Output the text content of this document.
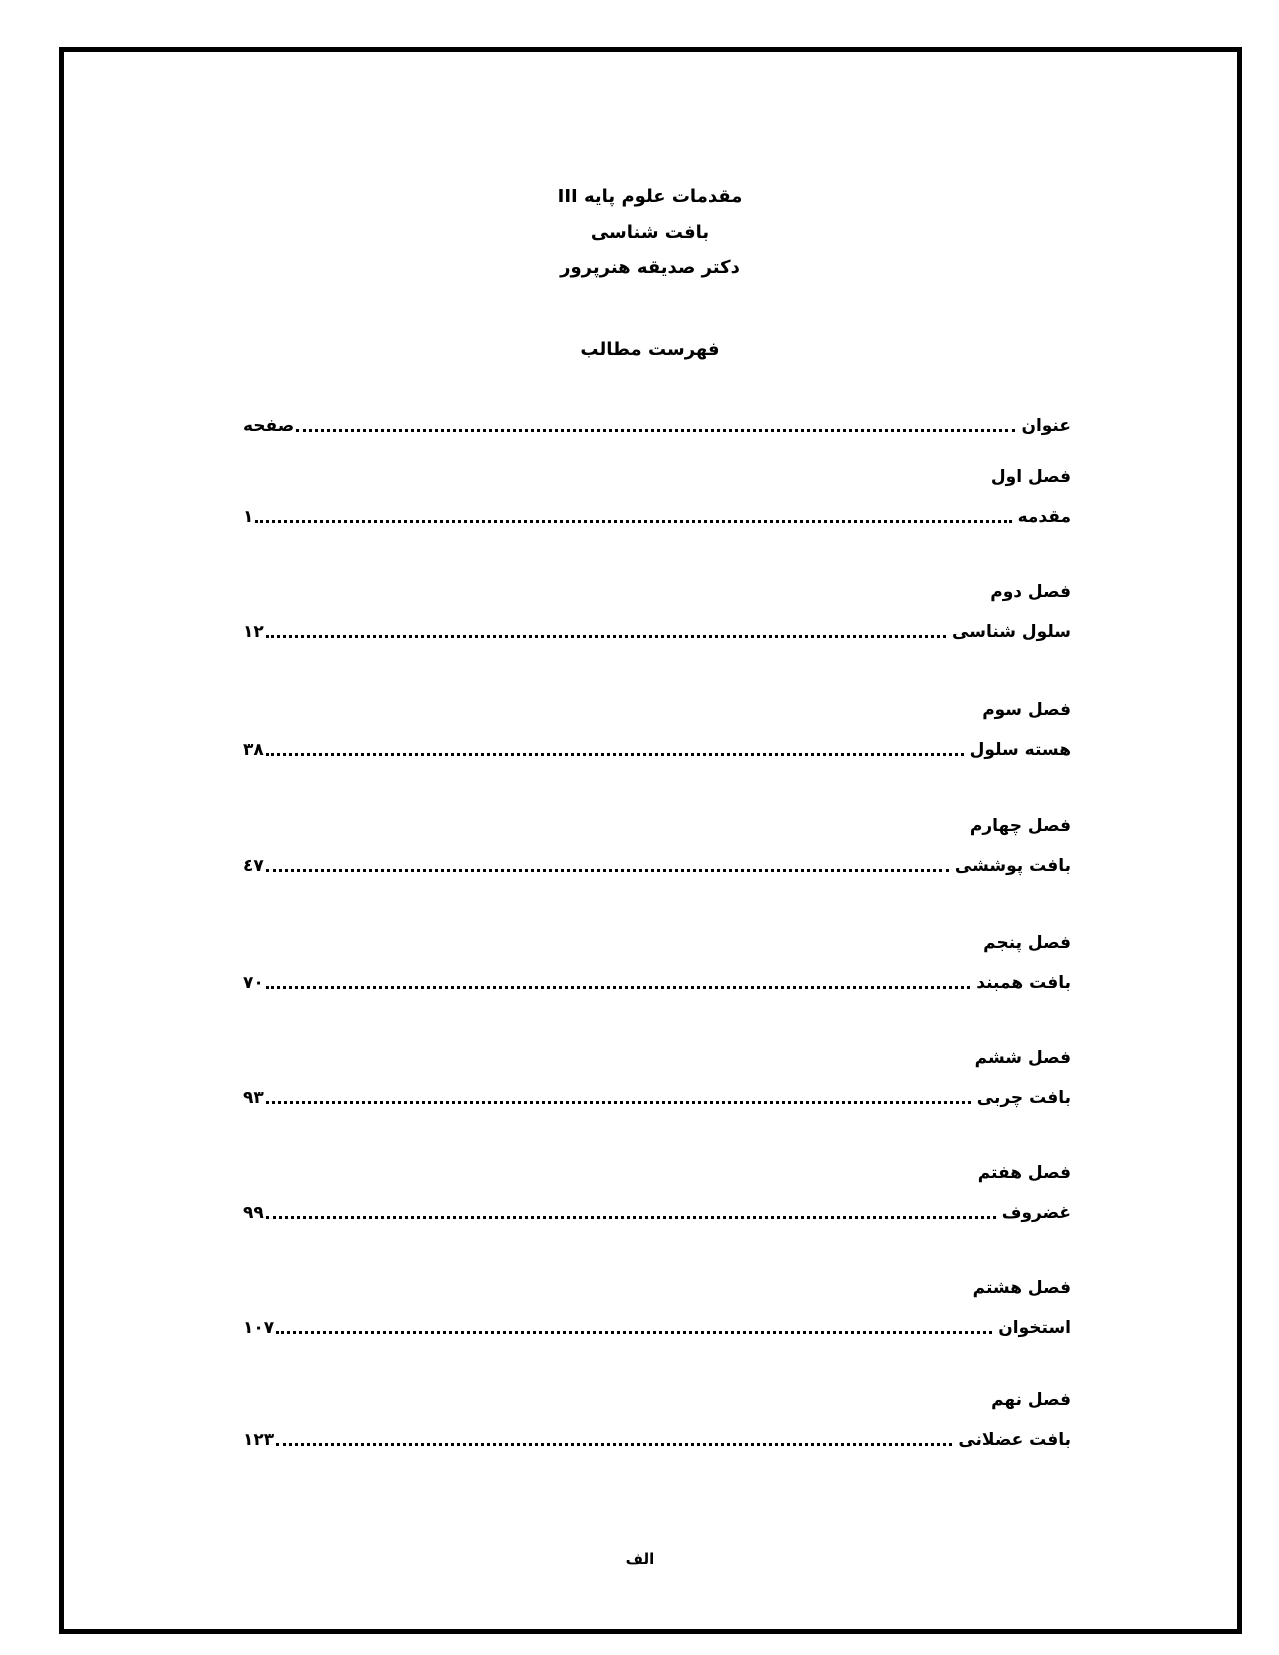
مقدمات علوم پایه III
بافت شناسی
دکتر صدیقه هنرپرور
فهرست مطالب
عنوان
صفحه
فصل اول
مقدمه
۱
فصل دوم
سلول شناسی
۱۲
فصل سوم
هسته سلول
۳۸
فصل چهارم
بافت پوششی
٤۷
فصل پنجم
بافت همبند
۷۰
فصل ششم
بافت چربی
۹۳
فصل هفتم
غضروف
۹۹
فصل هشتم
استخوان
۱۰۷
فصل نهم
بافت عضلانی
۱۲۳
الف
